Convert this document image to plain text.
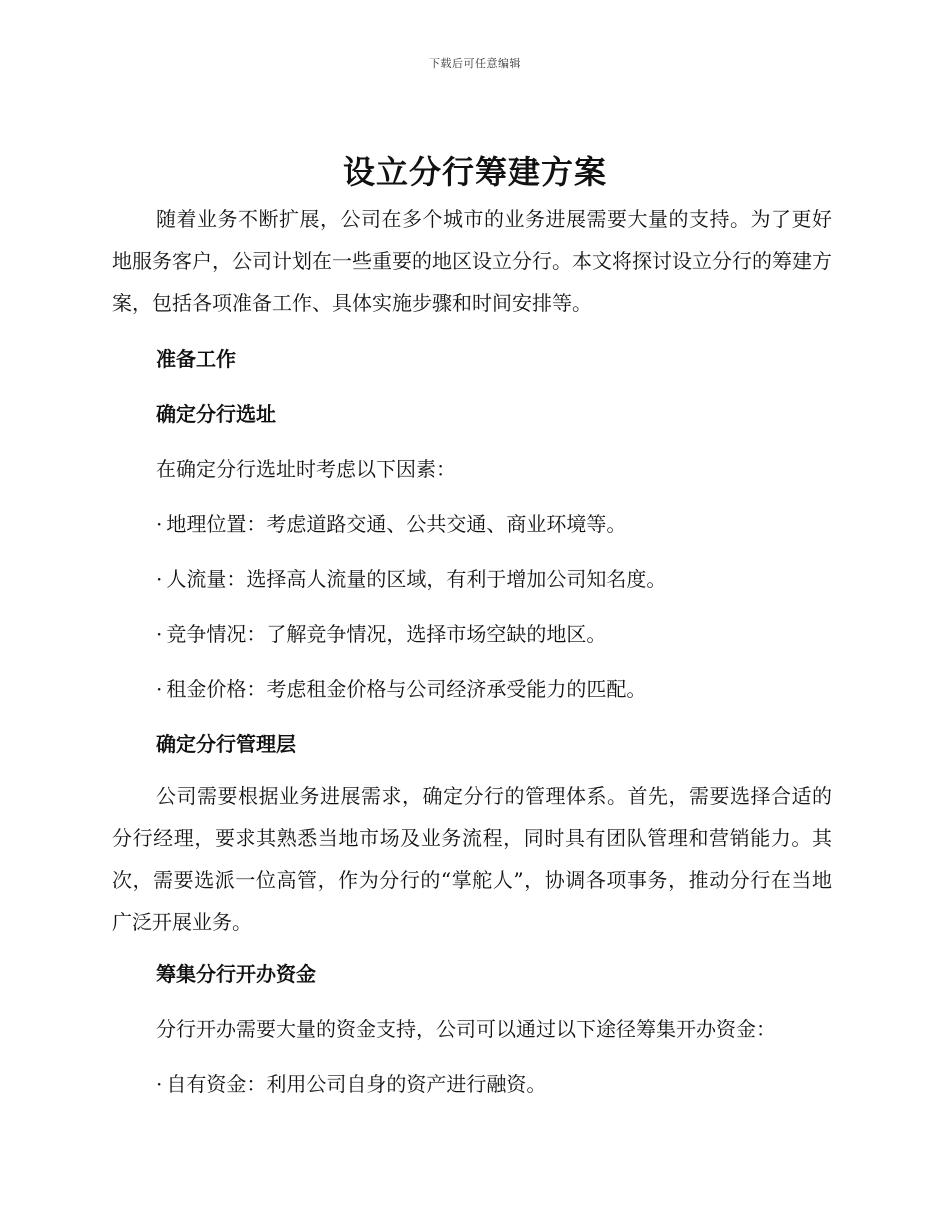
下载后可任意编辑
设立分行筹建方案

随着业务不断扩展，公司在多个城市的业务进展需要大量的支持。为了更好地服务客户，公司计划在一些重要的地区设立分行。本文将探讨设立分行的筹建方案，包括各项准备工作、具体实施步骤和时间安排等。

准备工作
确定分行选址

在确定分行选址时考虑以下因素：

· 地理位置：考虑道路交通、公共交通、商业环境等。

· 人流量：选择高人流量的区域，有利于增加公司知名度。

· 竞争情况：了解竞争情况，选择市场空缺的地区。

· 租金价格：考虑租金价格与公司经济承受能力的匹配。

确定分行管理层

公司需要根据业务进展需求，确定分行的管理体系。首先，需要选择合适的分行经理，要求其熟悉当地市场及业务流程，同时具有团队管理和营销能力。其次，需要选派一位高管，作为分行的“掌舵人”，协调各项事务，推动分行在当地广泛开展业务。

筹集分行开办资金

分行开办需要大量的资金支持，公司可以通过以下途径筹集开办资金：

· 自有资金：利用公司自身的资产进行融资。
